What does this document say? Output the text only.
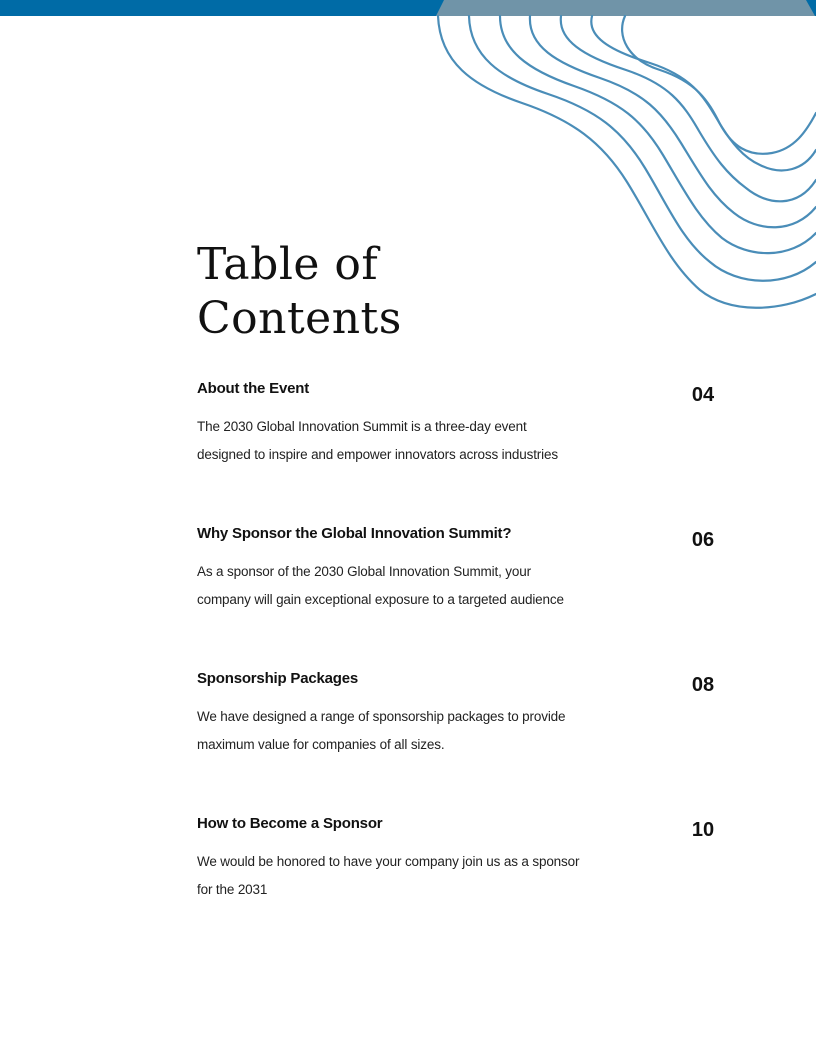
Table of
Contents
About the Event

The 2030 Global Innovation Summit is a three-day event
designed to inspire and empower innovators across industries

04
Why Sponsor the Global Innovation Summit?

As a sponsor of the 2030 Global Innovation Summit, your
company will gain exceptional exposure to a targeted audience

06
Sponsorship Packages

We have designed a range of sponsorship packages to provide
maximum value for companies of all sizes.

08
How to Become a Sponsor

We would be honored to have your company join us as a sponsor
for the 2031

10
